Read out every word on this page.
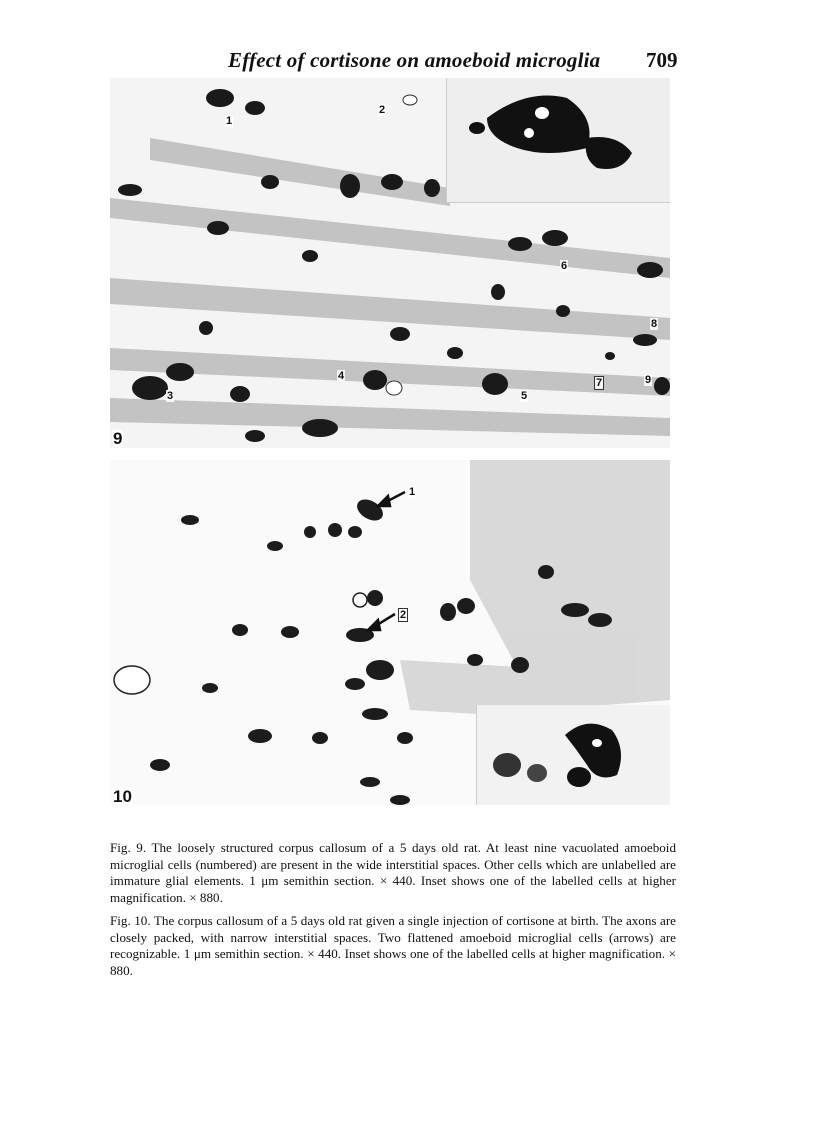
Effect of cortisone on amoeboid microglia 709
1
2
3
4
5
6
7
8
9
9
1
2
10

Fig. 9. The loosely structured corpus callosum of a 5 days old rat. At least nine vacuolated amoeboid microglial cells (numbered) are present in the wide interstitial spaces. Other cells which are unlabelled are immature glial elements. 1 μm semithin section. × 440. Inset shows one of the labelled cells at higher magnification. × 880.

Fig. 10. The corpus callosum of a 5 days old rat given a single injection of cortisone at birth. The axons are closely packed, with narrow interstitial spaces. Two flattened amoeboid microglial cells (arrows) are recognizable. 1 μm semithin section. × 440. Inset shows one of the labelled cells at higher magnification. × 880.
